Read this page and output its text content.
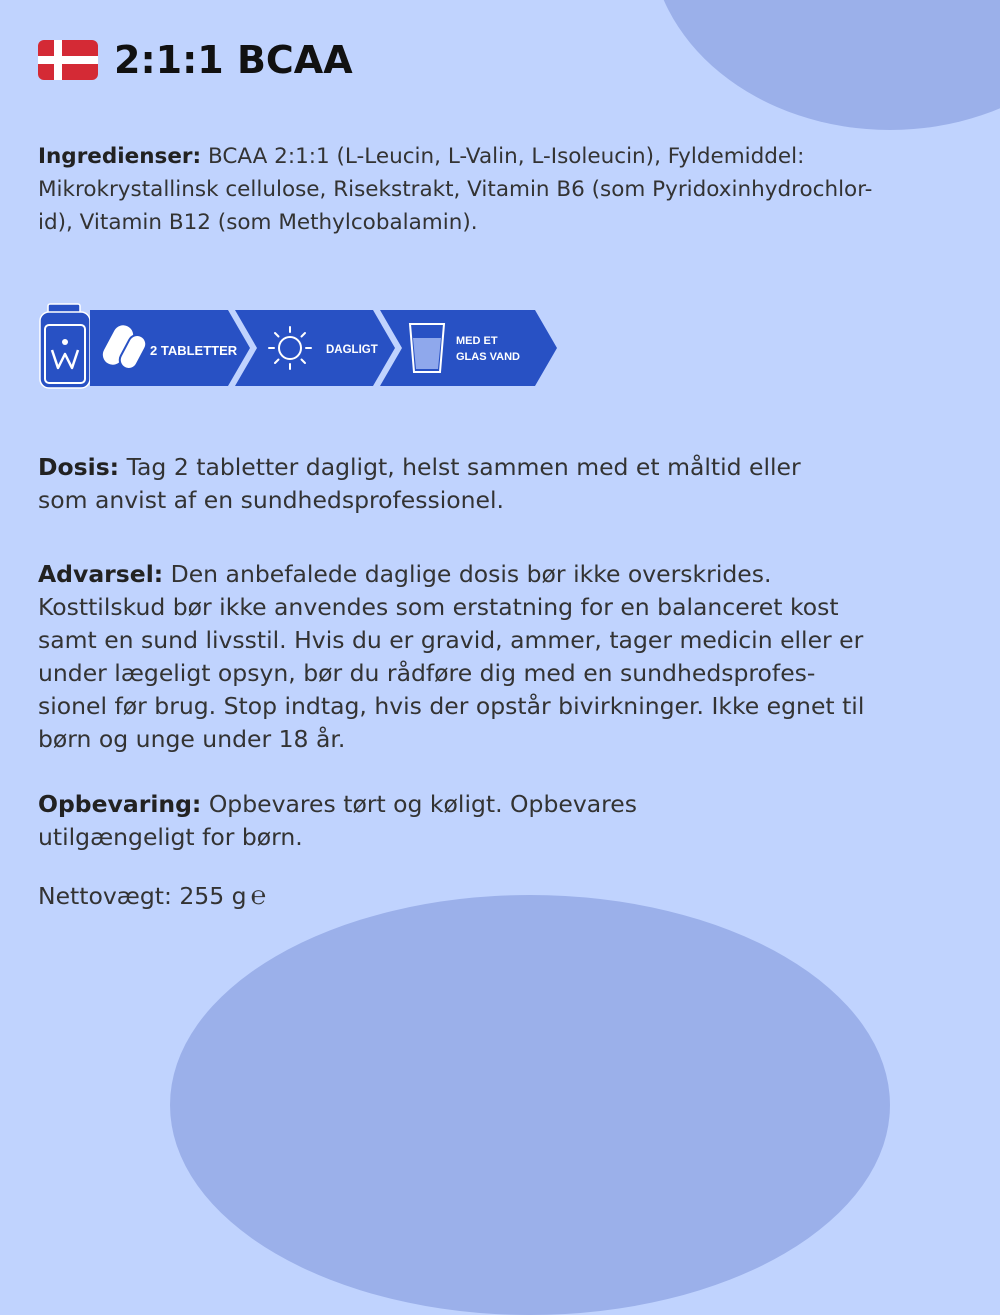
2:1:1 BCAA
Ingredienser: BCAA 2:1:1 (L-Leucin, L-Valin, L-Isoleucin), Fyldemiddel:
Mikrokrystallinsk cellulose, Risekstrakt, Vitamin B6 (som Pyridoxinhydrochlor-
id), Vitamin B12 (som Methylcobalamin).
2 TABLETTER	DAGLIGT
MED ET
GLAS VAND
Dosis: Tag 2 tabletter dagligt, helst sammen med et måltid eller
som anvist af en sundhedsprofessionel.
Advarsel: Den anbefalede daglige dosis bør ikke overskrides.
Kosttilskud bør ikke anvendes som erstatning for en balanceret kost
samt en sund livsstil. Hvis du er gravid, ammer, tager medicin eller er
under lægeligt opsyn, bør du rådføre dig med en sundhedsprofes-
sionel før brug. Stop indtag, hvis der opstår bivirkninger. Ikke egnet til
børn og unge under 18 år.
Opbevaring: Opbevares tørt og køligt. Opbevares
utilgængeligt for børn.
Nettovægt: 255 g ℮
